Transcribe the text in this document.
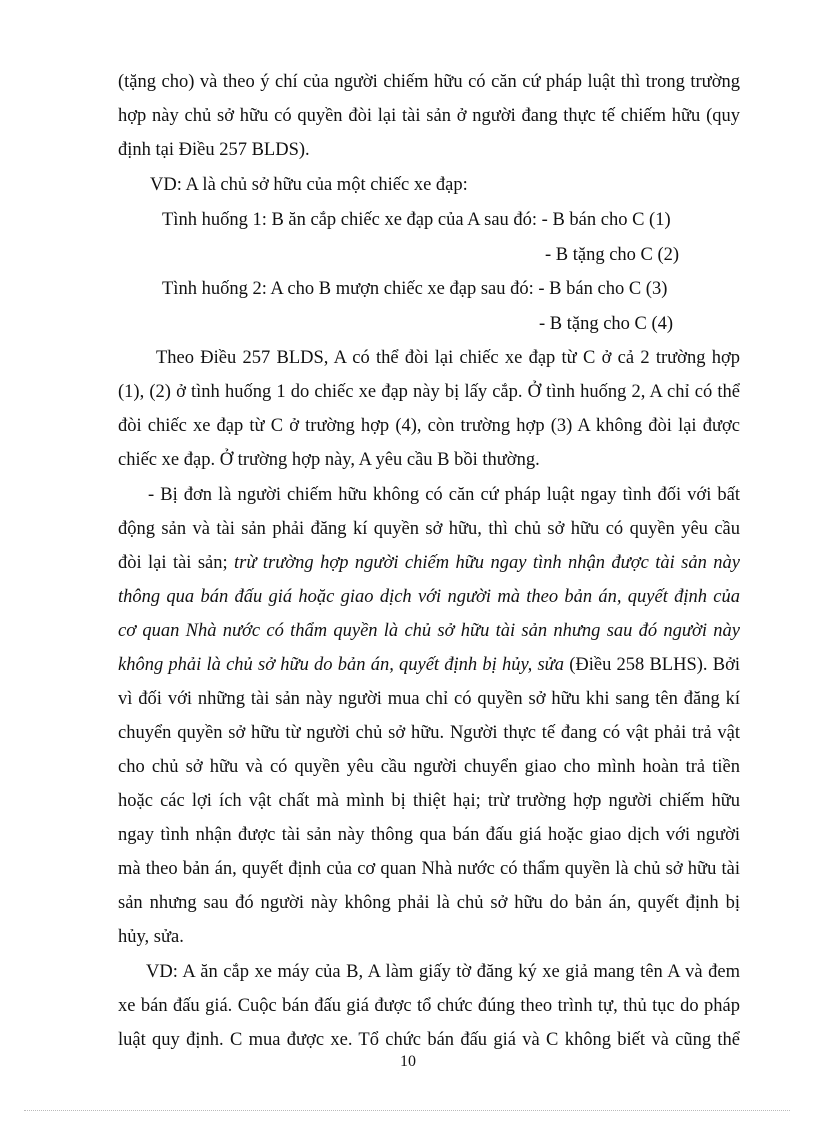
(tặng cho) và theo ý chí của người chiếm hữu có căn cứ pháp luật thì trong trường
hợp này chủ sở hữu có quyền đòi lại tài sản ở người đang thực tế chiếm hữu (quy
định tại Điều 257 BLDS).
VD: A là chủ sở hữu của một chiếc xe đạp:
Tình huống 1: B ăn cắp chiếc xe đạp của A sau đó: - B bán cho C (1)
- B tặng cho C (2)
Tình huống 2: A cho B mượn chiếc xe đạp sau đó: - B bán cho C (3)
- B tặng cho C (4)
Theo Điều 257 BLDS, A có thể đòi lại chiếc xe đạp từ C ở cả 2 trường hợp
(1), (2) ở tình huống 1 do chiếc xe đạp này bị lấy cắp. Ở tình huống 2, A chỉ có thể
đòi chiếc xe đạp từ C ở trường hợp (4), còn trường hợp (3) A không đòi lại được
chiếc xe đạp. Ở trường hợp này, A yêu cầu B bồi thường.
- Bị đơn là người chiếm hữu không có căn cứ pháp luật ngay tình đối với bất
động sản và tài sản phải đăng kí quyền sở hữu, thì chủ sở hữu có quyền yêu cầu
đòi lại tài sản; trừ trường hợp người chiếm hữu ngay tình nhận được tài sản này
thông qua bán đấu giá hoặc giao dịch với người mà theo bản án, quyết định của
cơ quan Nhà nước có thẩm quyền là chủ sở hữu tài sản nhưng sau đó người này
không phải là chủ sở hữu do bản án, quyết định bị hủy, sửa (Điều 258 BLHS). Bởi
vì đối với những tài sản này người mua chỉ có quyền sở hữu khi sang tên đăng kí
chuyển quyền sở hữu từ người chủ sở hữu. Người thực tế đang có vật phải trả vật
cho chủ sở hữu và có quyền yêu cầu người chuyển giao cho mình hoàn trả tiền
hoặc các lợi ích vật chất mà mình bị thiệt hại; trừ trường hợp người chiếm hữu
ngay tình nhận được tài sản này thông qua bán đấu giá hoặc giao dịch với người
mà theo bản án, quyết định của cơ quan Nhà nước có thẩm quyền là chủ sở hữu tài
sản nhưng sau đó người này không phải là chủ sở hữu do bản án, quyết định bị
hủy, sửa.
VD: A ăn cắp xe máy của B, A làm giấy tờ đăng ký xe giả mang tên A và đem
xe bán đấu giá. Cuộc bán đấu giá được tổ chức đúng theo trình tự, thủ tục do pháp
luật quy định. C mua được xe. Tổ chức bán đấu giá và C không biết và cũng thể
10
